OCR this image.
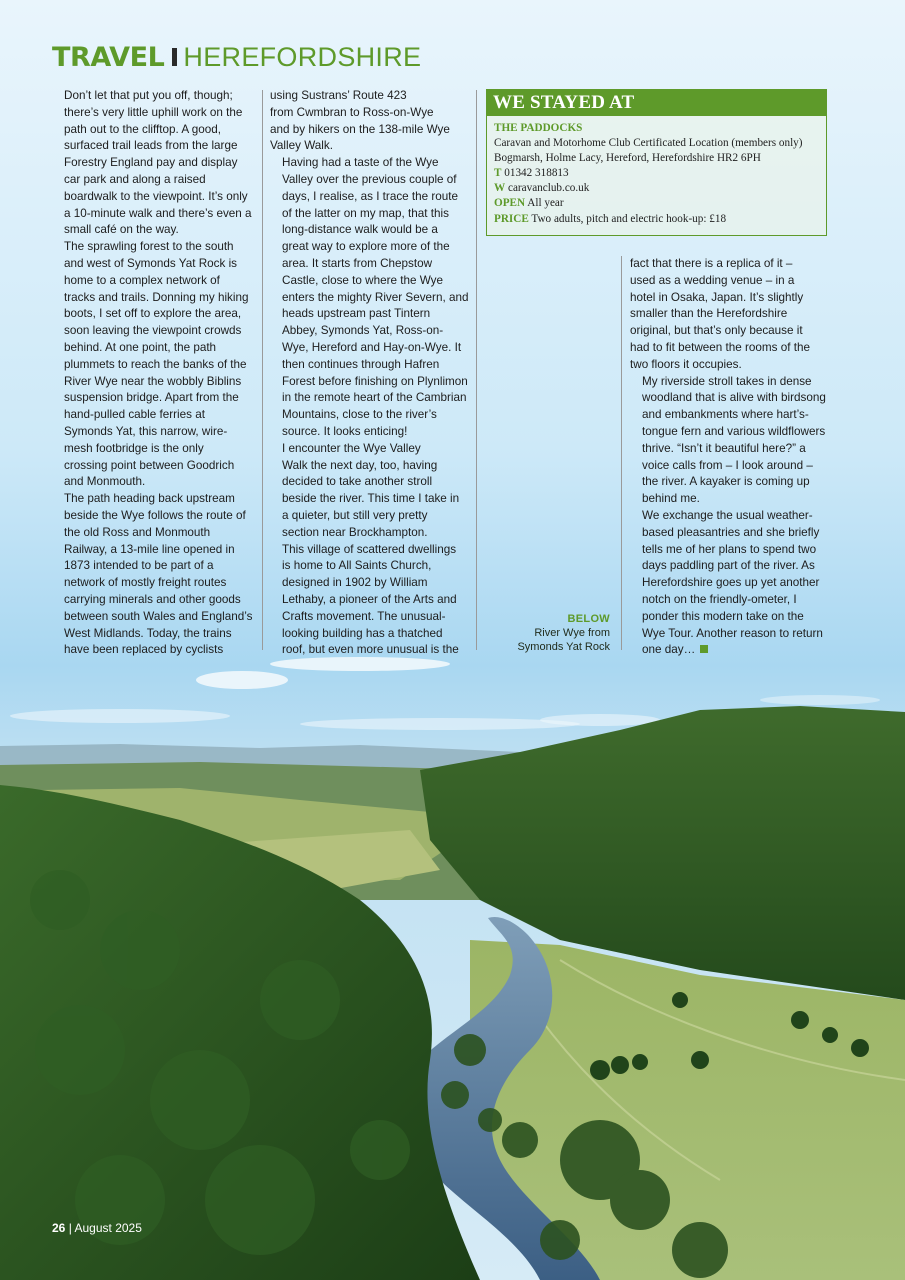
TRAVEL HEREFORDSHIRE

Don’t let that put you off, though;
there’s very little uphill work on the
path out to the clifftop. A good,
surfaced trail leads from the large
Forestry England pay and display
car park and along a raised
boardwalk to the viewpoint. It’s only
a 10-minute walk and there’s even a
small café on the way.

The sprawling forest to the south
and west of Symonds Yat Rock is
home to a complex network of
tracks and trails. Donning my hiking
boots, I set off to explore the area,
soon leaving the viewpoint crowds
behind. At one point, the path
plummets to reach the banks of the
River Wye near the wobbly Biblins
suspension bridge. Apart from the
hand-pulled cable ferries at
Symonds Yat, this narrow, wire-
mesh footbridge is the only
crossing point between Goodrich
and Monmouth.

The path heading back upstream
beside the Wye follows the route of
the old Ross and Monmouth
Railway, a 13-mile line opened in
1873 intended to be part of a
network of mostly freight routes
carrying minerals and other goods
between south Wales and England’s
West Midlands. Today, the trains
have been replaced by cyclists

using Sustrans’ Route 423
from Cwmbran to Ross-on-Wye
and by hikers on the 138-mile Wye
Valley Walk.

Having had a taste of the Wye
Valley over the previous couple of
days, I realise, as I trace the route
of the latter on my map, that this
long-distance walk would be a
great way to explore more of the
area. It starts from Chepstow
Castle, close to where the Wye
enters the mighty River Severn, and
heads upstream past Tintern
Abbey, Symonds Yat, Ross-on-
Wye, Hereford and Hay-on-Wye. It
then continues through Hafren
Forest before finishing on Plynlimon
in the remote heart of the Cambrian
Mountains, close to the river’s
source. It looks enticing!

I encounter the Wye Valley
Walk the next day, too, having
decided to take another stroll
beside the river. This time I take in
a quieter, but still very pretty
section near Brockhampton.

This village of scattered dwellings
is home to All Saints Church,
designed in 1902 by William
Lethaby, a pioneer of the Arts and
Crafts movement. The unusual-
looking building has a thatched
roof, but even more unusual is the

WE STAYED AT
THE PADDOCKS
Caravan and Motorhome Club Certificated Location (members only)
Bogmarsh, Holme Lacy, Hereford, Herefordshire HR2 6PH
T 01342 318813
W caravanclub.co.uk
OPEN All year
PRICE Two adults, pitch and electric hook-up: £18

fact that there is a replica of it –
used as a wedding venue – in a
hotel in Osaka, Japan. It’s slightly
smaller than the Herefordshire
original, but that’s only because it
had to fit between the rooms of the
two floors it occupies.

My riverside stroll takes in dense
woodland that is alive with birdsong
and embankments where hart’s-
tongue fern and various wildflowers
thrive. “Isn’t it beautiful here?” a
voice calls from – I look around –
the river. A kayaker is coming up
behind me.

We exchange the usual weather-
based pleasantries and she briefly
tells me of her plans to spend two
days paddling part of the river. As
Herefordshire goes up yet another
notch on the friendly-ometer, I
ponder this modern take on the
Wye Tour. Another reason to return
one day…

BELOW
River Wye from
Symonds Yat Rock
26 | August 2025
